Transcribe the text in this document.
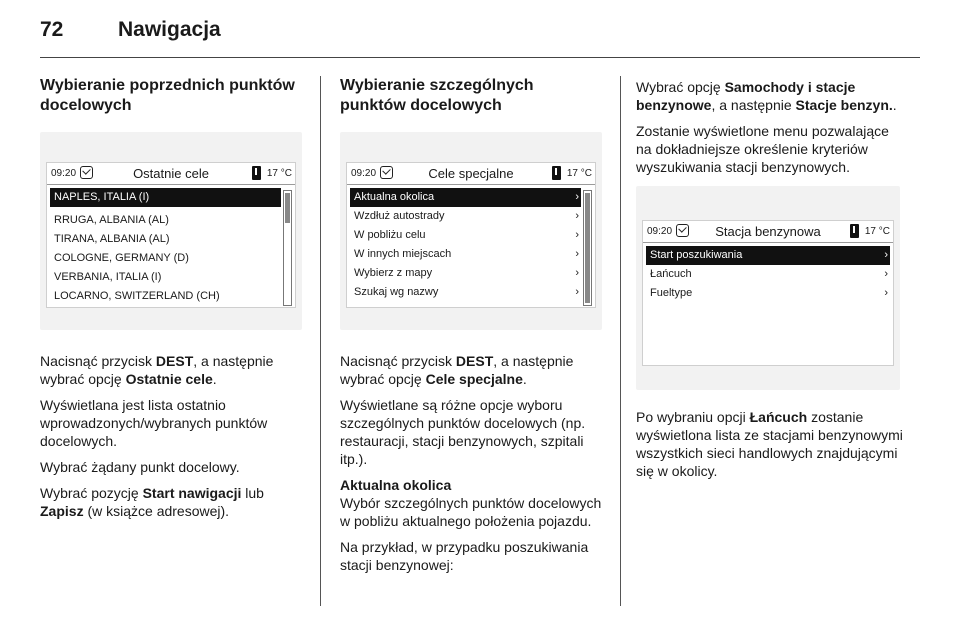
72	Nawigacja
Wybieranie poprzednich punktów docelowych
09:20	Ostatnie cele	17 °C
NAPLES, ITALIA (I)
RRUGA, ALBANIA (AL)
TIRANA, ALBANIA (AL)
COLOGNE, GERMANY (D)
VERBANIA, ITALIA (I)
LOCARNO, SWITZERLAND (CH)

Nacisnąć przycisk DEST, a następnie wybrać opcję Ostatnie cele.

Wyświetlana jest lista ostatnio wprowadzonych/wybranych punktów docelowych.

Wybrać żądany punkt docelowy.

Wybrać pozycję Start nawigacji lub Zapisz (w książce adresowej).

Wybieranie szczególnych punktów docelowych
09:20	Cele specjalne	17 °C
Aktualna okolica	›
Wzdłuż autostrady	›
W pobliżu celu	›
W innych miejscach	›
Wybierz z mapy	›
Szukaj wg nazwy	›

Nacisnąć przycisk DEST, a następnie wybrać opcję Cele specjalne.

Wyświetlane są różne opcje wyboru szczególnych punktów docelowych (np. restauracji, stacji benzynowych, szpitali itp.).

Aktualna okolica

Wybór szczególnych punktów docelowych w pobliżu aktualnego położenia pojazdu.

Na przykład, w przypadku poszukiwania stacji benzynowej:

Wybrać opcję Samochody i stacje benzynowe, a następnie Stacje benzyn..

Zostanie wyświetlone menu pozwalające na dokładniejsze określenie kryteriów wyszukiwania stacji benzynowych.

09:20	Stacja benzynowa	17 °C
Start poszukiwania	›
Łańcuch	›
Fueltype	›

Po wybraniu opcji Łańcuch zostanie wyświetlona lista ze stacjami benzynowymi wszystkich sieci handlowych znajdującymi się w okolicy.
